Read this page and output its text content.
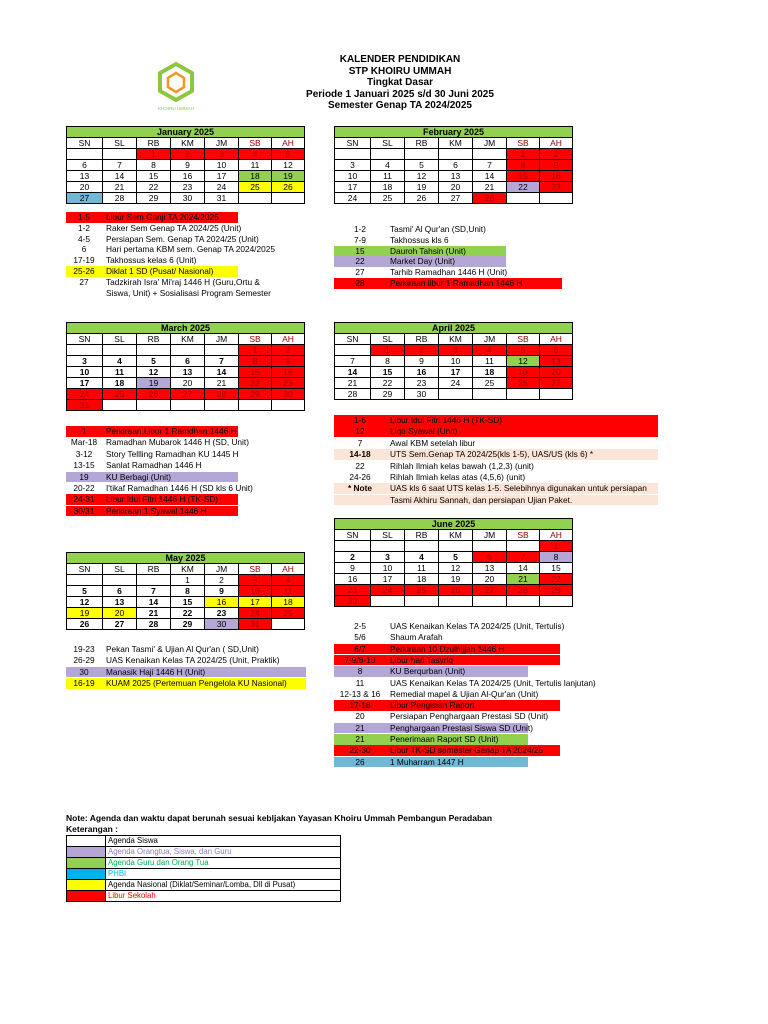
KHOIRU UMMAH
KALENDER PENDIDIKAN
STP KHOIRU UMMAH
Tingkat Dasar
Periode 1 Januari 2025 s/d 30 Juni 2025
Semester Genap TA 2024/2025
January 2025						
SN	SL	RB	KM	JM	SB	AH
		1	2	3	4	5
6	7	8	9	10	11	12
13	14	15	16	17	18	19
20	21	22	23	24	25	26
27	28	29	30	31		
February 2025						
SN	SL	RB	KM	JM	SB	AH
					1	2
3	4	5	6	7	8	9
10	11	12	13	14	15	16
17	18	19	20	21	22	23
24	25	26	27	28		
March 2025						
SN	SL	RB	KM	JM	SB	AH
					1	2
3	4	5	6	7	8	9
10	11	12	13	14	15	16
17	18	19	20	21	22	23
24	25	26	27	28	29	30
31						
April 2025						
SN	SL	RB	KM	JM	SB	AH
	1	2	3	4	5	6
7	8	9	10	11	12	13
14	15	16	17	18	19	20
21	22	23	24	25	26	27
28	29	30				
May 2025						
SN	SL	RB	KM	JM	SB	AH
			1	2	3	4
5	6	7	8	9	10	11
12	13	14	15	16	17	18
19	20	21	22	23	24	25
26	27	28	29	30	31	
June 2025						
SN	SL	RB	KM	JM	SB	AH
						1
2	3	4	5	6	7	8
9	10	11	12	13	14	15
16	17	18	19	20	21	22
23	24	25	26	27	28	29
30						
1-5	Libur Sem Ganji TA 2024/2025
1-2	Raker Sem Genap TA 2024/25 (Unit)
4-5	Persiapan Sem. Genap TA 2024/25 (Unit)
6	Hari pertama KBM sem. Genap TA 2024/2025
17-19	Takhossus kelas 6 (Unit)
25-26	Diklat 1 SD (Pusat/ Nasional)
27	Tadzkirah Isra' Mi'raj 1446 H (Guru,Ortu &
Siswa, Unit) + Sosialisasi Program Semester
1-2	Tasmi' Al Qur'an (SD,Unit)
7-9	Takhossus kls 6
15	Dauroh Tahsin (Unit)
22	Market Day (Unit)
27	Tarhib Ramadhan 1446 H (Unit)
28	Perkiraan libur 1 Ramadhan 1446 H
1	Perkiraan Libur 1 Ramdhan 1446 H
Mar-18	Ramadhan Mubarok 1446 H (SD, Unit)
3-12	Story Tellling Ramadhan KU 1445 H
13-15	Sanlat Ramadhan 1446 H
19	KU Berbagi (Unit)
20-22	I'tikaf Ramadhan 1446 H (SD kls 6 Unit)
24-31	Libur Idul Fitri 1446 H (TK-SD)
30/31	Perkiraan 1 Syawal 1446 H
1-6	Libur Idul Fitri 1446 H (TK-SD)
12	Liqo Syawal (Unit)
7	Awal KBM setelah libur
14-18	UTS Sem.Genap TA 2024/25(kls 1-5), UAS/US (kls 6) *
22	Rihlah Ilmiah kelas bawah (1,2,3) (unit)
24-26	Rihlah Ilmiah kelas atas (4,5,6) (unit)
* Note	UAS kls 6 saat UTS kelas 1-5. Selebihnya digunakan untuk persiapan
Tasmi Akhiru Sannah, dan persiapan Ujian Paket.
19-23	Pekan Tasmi' & Ujian Al Qur'an ( SD,Unit)
26-29	UAS Kenaikan Kelas TA 2024/25 (Unit, Praktik)
30	Manasik Haji 1446 H (Unit)
16-19	KUAM 2025 (Pertemuan Pengelola KU Nasional)
2-5	UAS Kenaikan Kelas TA 2024/25 (Unit, Tertulis)
5/6	Shaum Arafah
6/7	Perkiraan 10 Dzulhijjah 1446 H
7-9/8-10	Libur hari Tasyriq
8	KU Berqurban (Unit)
11	UAS Kenaikan Kelas TA 2024/25 (Unit, Tertulis lanjutan)
12-13 & 16	Remedial mapel & Ujian Al-Qur'an (Unit)
17-18	Libur Pengisian Raport
20	Persiapan Penghargaan Prestasi SD (Unit)
21	Penghargaan Prestasi Siswa SD (Unit)
21	Penerimaan Raport SD (Unit)
22-30	Libur TK-SD semester Genap TA 2024/25
26	1 Muharram 1447 H
Note: Agenda dan waktu dapat berunah sesuai kebljakan Yayasan Khoiru Ummah Pembangun Peradaban
Keterangan :
	Agenda Siswa
	Agenda Orangtua, Siswa, dan Guru
	Agenda Guru dan Orang Tua
	PHBI
	Agenda Nasional (Diklat/Seminar/Lomba, Dll di Pusat)
	Libur Sekolah
